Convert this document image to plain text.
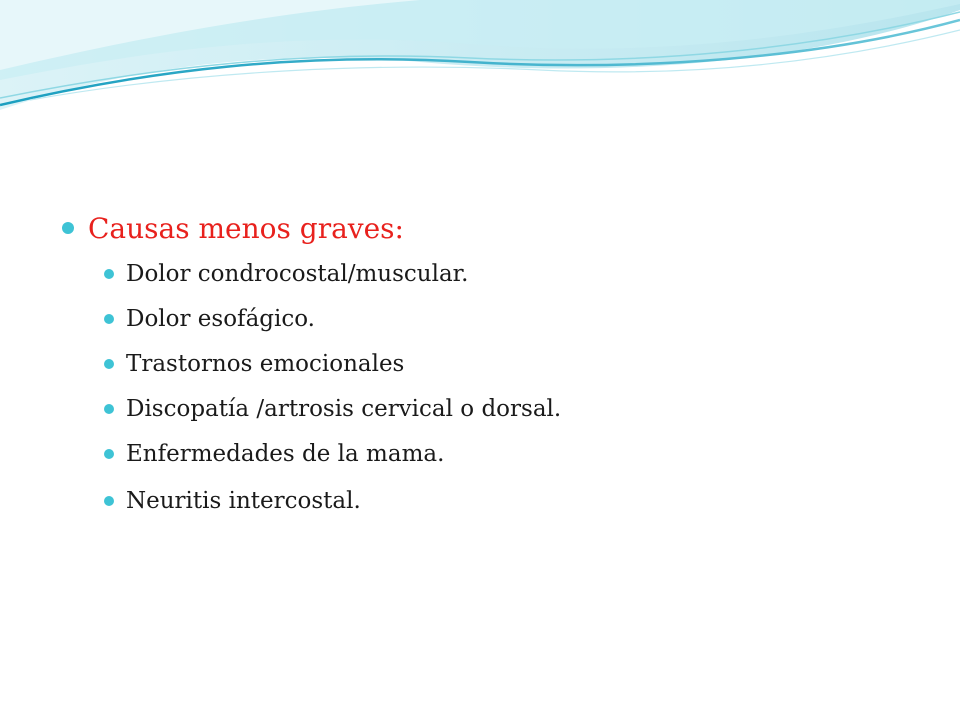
Causas menos graves:
Dolor condrocostal/muscular.
Dolor esofágico.
Trastornos emocionales
Discopatía /artrosis cervical o dorsal.
Enfermedades de la mama.
Neuritis intercostal.
